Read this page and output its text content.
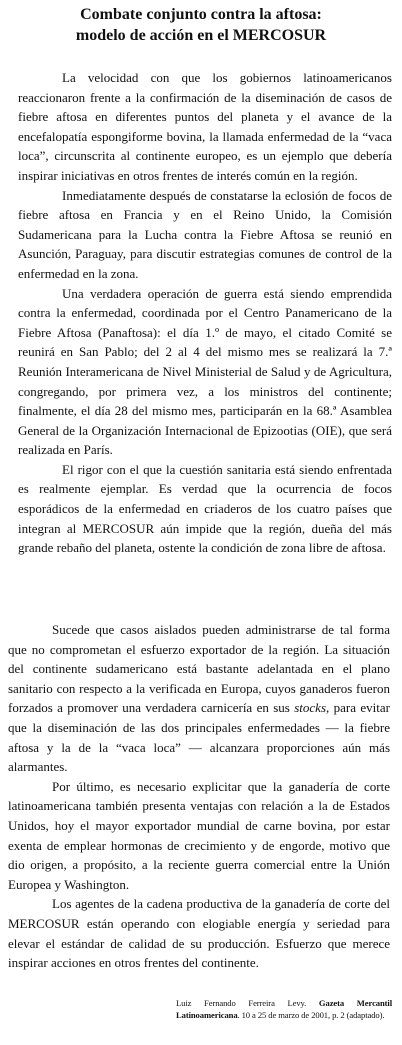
Combate conjunto contra la aftosa:
modelo de acción en el MERCOSUR

La velocidad con que los gobiernos latinoamericanos reaccionaron frente a la confirmación de la diseminación de casos de fiebre aftosa en diferentes puntos del planeta y el avance de la encefalopatía espongiforme bovina, la llamada enfermedad de la “vaca loca”, circunscrita al continente europeo, es un ejemplo que debería inspirar iniciativas en otros frentes de interés común en la región.

Inmediatamente después de constatarse la eclosión de focos de fiebre aftosa en Francia y en el Reino Unido, la Comisión Sudamericana para la Lucha contra la Fiebre Aftosa se reunió en Asunción, Paraguay, para discutir estrategias comunes de control de la enfermedad en la zona.

Una verdadera operación de guerra está siendo emprendida contra la enfermedad, coordinada por el Centro Panamericano de la Fiebre Aftosa (Panaftosa): el día 1.º de mayo, el citado Comité se reunirá en San Pablo; del 2 al 4 del mismo mes se realizará la 7.ª Reunión Interamericana de Nivel Ministerial de Salud y de Agricultura, congregando, por primera vez, a los ministros del continente; finalmente, el día 28 del mismo mes, participarán en la 68.ª Asamblea General de la Organización Internacional de Epizootias (OIE), que será realizada en París.

El rigor con el que la cuestión sanitaria está siendo enfrentada es realmente ejemplar. Es verdad que la ocurrencia de focos esporádicos de la enfermedad en criaderos de los cuatro países que integran al MERCOSUR aún impide que la región, dueña del más grande rebaño del planeta, ostente la condición de zona libre de aftosa.

Sucede que casos aislados pueden administrarse de tal forma que no comprometan el esfuerzo exportador de la región. La situación del continente sudamericano está bastante adelantada en el plano sanitario con respecto a la verificada en Europa, cuyos ganaderos fueron forzados a promover una verdadera carnicería en sus stocks, para evitar que la diseminación de las dos principales enfermedades — la fiebre aftosa y la de la “vaca loca” — alcanzara proporciones aún más alarmantes.

Por último, es necesario explicitar que la ganadería de corte latinoamericana también presenta ventajas con relación a la de Estados Unidos, hoy el mayor exportador mundial de carne bovina, por estar exenta de emplear hormonas de crecimiento y de engorde, motivo que dio origen, a propósito, a la reciente guerra comercial entre la Unión Europea y Washington.

Los agentes de la cadena productiva de la ganadería de corte del MERCOSUR están operando con elogiable energía y seriedad para elevar el estándar de calidad de su producción. Esfuerzo que merece inspirar acciones en otros frentes del continente.

Luiz Fernando Ferreira Levy. Gazeta Mercantil Latinoamericana. 10 a 25 de marzo de 2001, p. 2 (adaptado).
